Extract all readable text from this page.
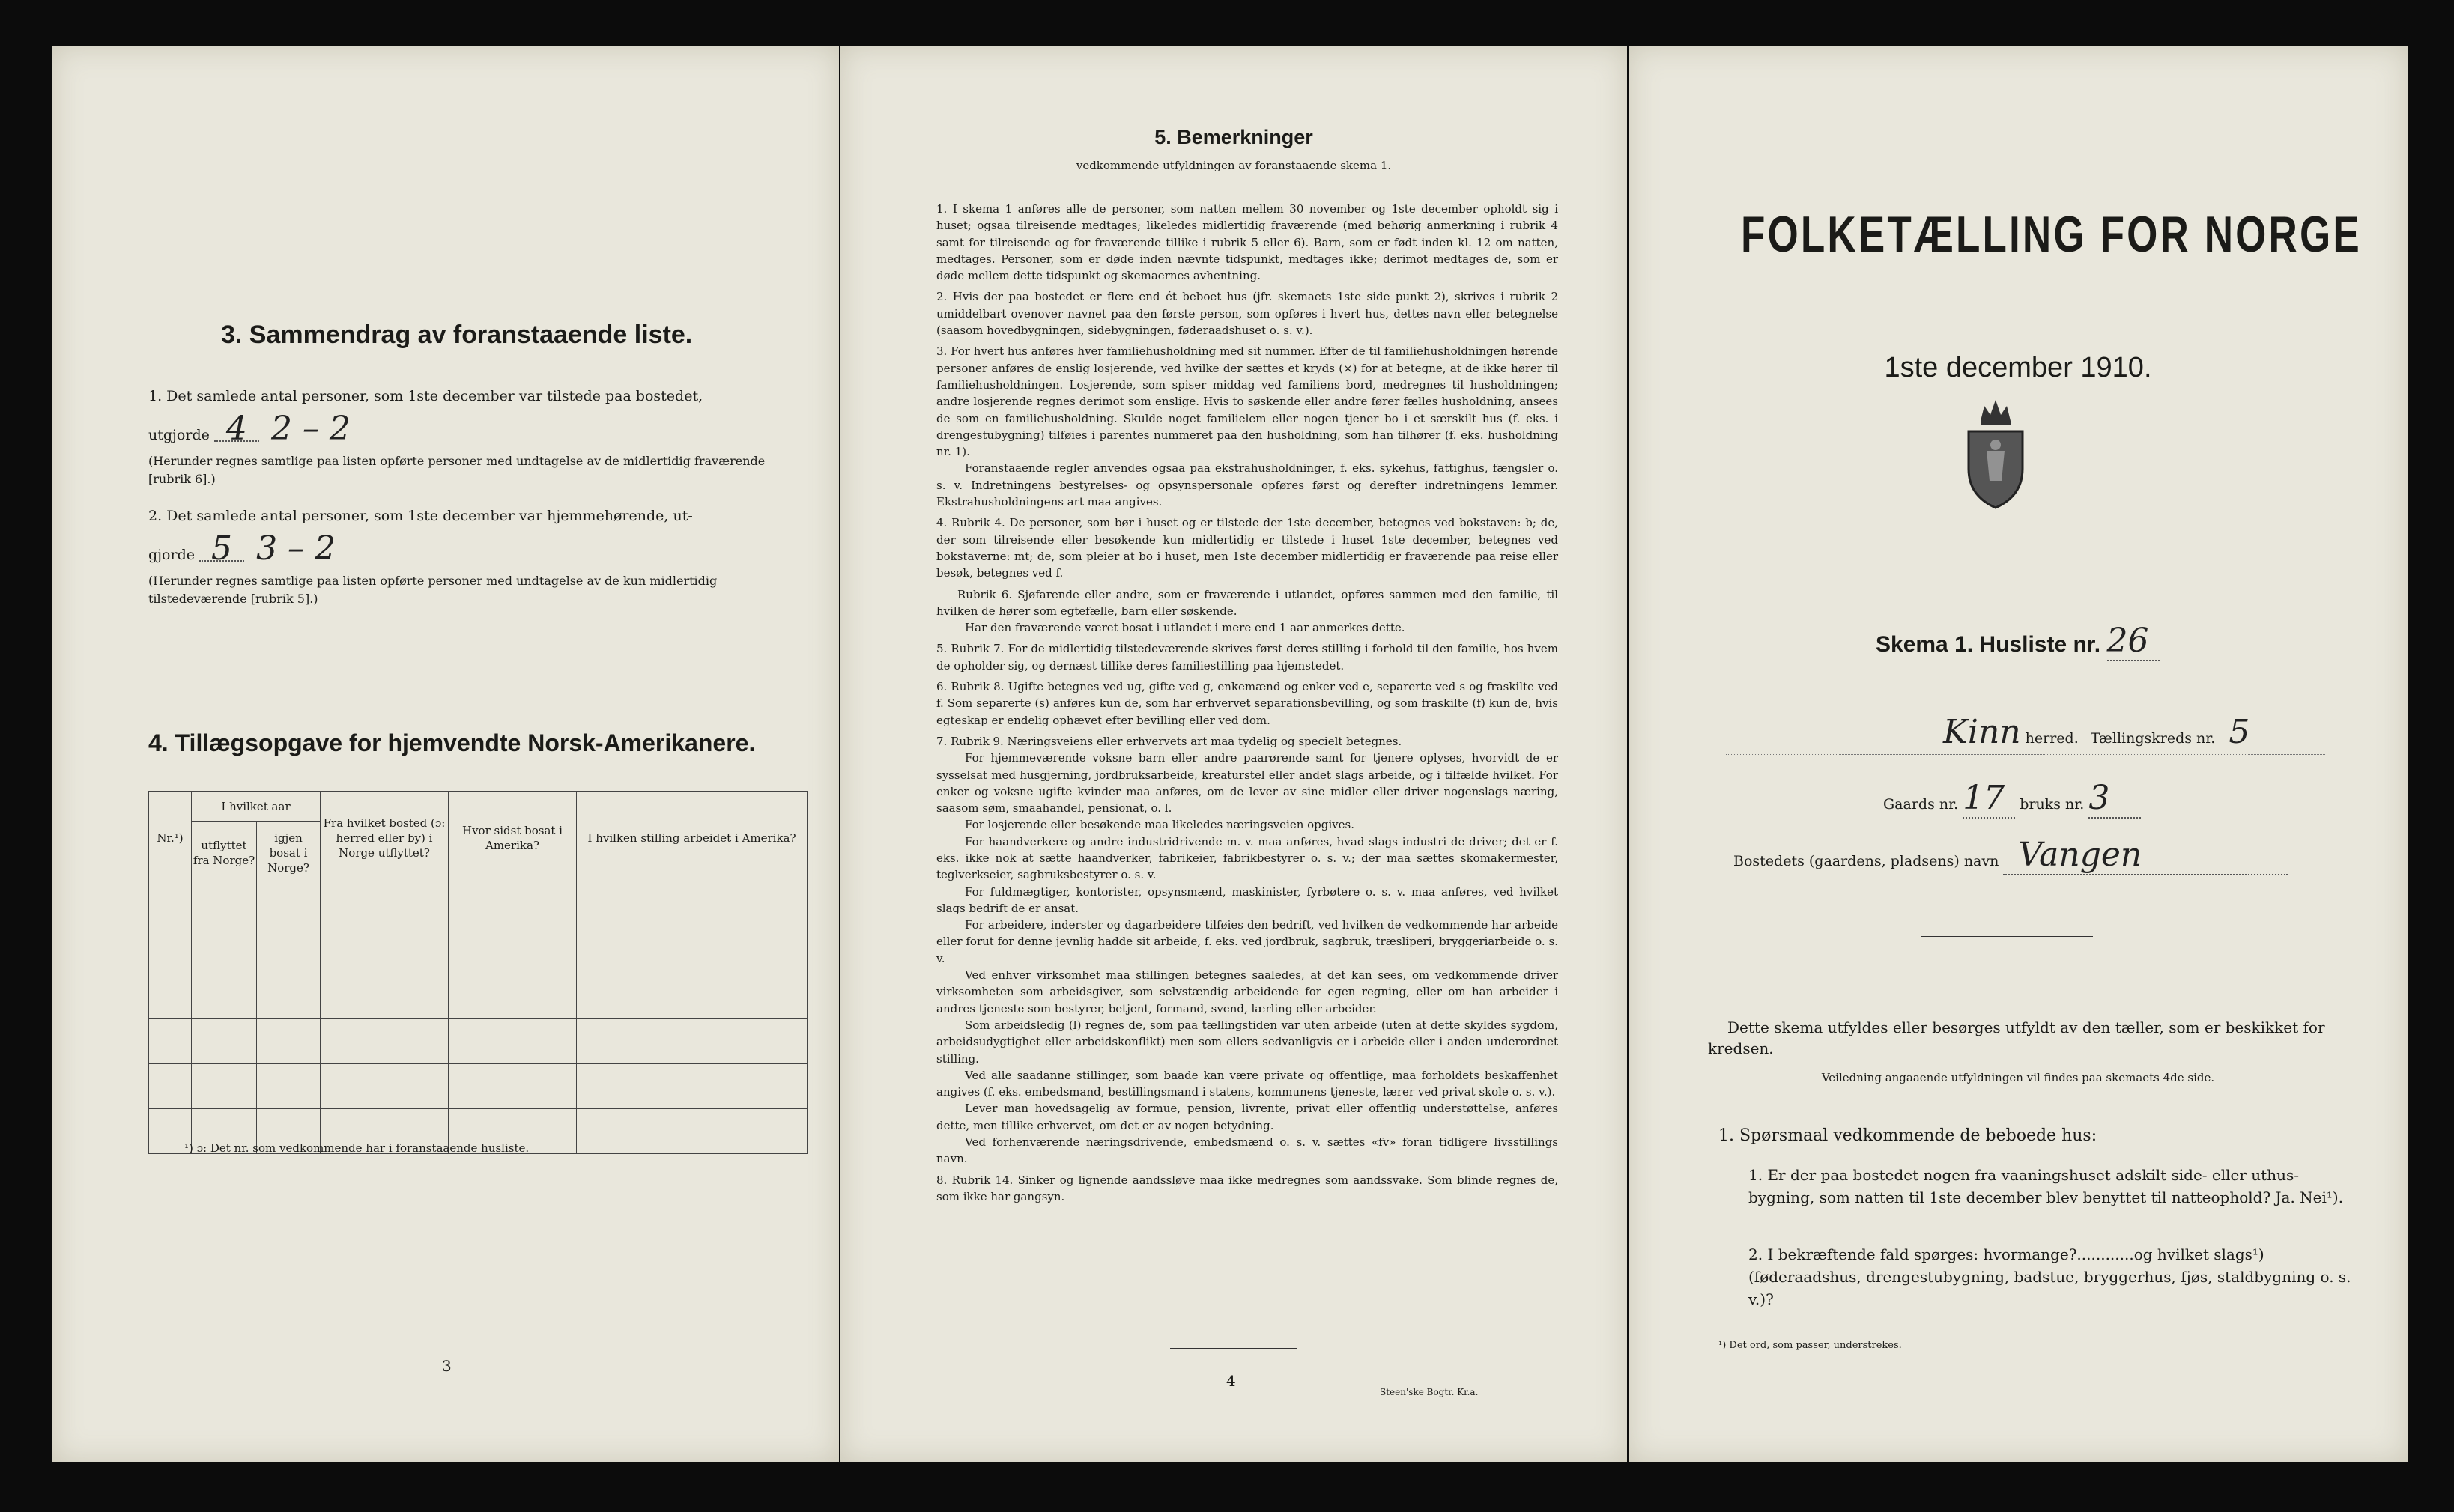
3. Sammendrag av foranstaaende liste.
1. Det samlede antal personer, som 1ste december var tilstede paa bostedet,
utgjorde 4 2 – 2
(Herunder regnes samtlige paa listen opførte personer med undtagelse av de midlertidig fraværende [rubrik 6].)
2. Det samlede antal personer, som 1ste december var hjemmehørende, ut-
gjorde 5 3 – 2
(Herunder regnes samtlige paa listen opførte personer med undtagelse av de kun midlertidig tilstedeværende [rubrik 5].)
4. Tillægsopgave for hjemvendte Norsk-Amerikanere.
Nr.¹)	I hvilket aar		Fra hvilket bosted (ɔ: herred eller by) i Norge utflyttet?	Hvor sidst bosat i Amerika?	I hvilken stilling arbeidet i Amerika?
	utflyttet fra Norge?	igjen bosat i Norge?			

¹) ɔ: Det nr. som vedkommende har i foranstaaende husliste.
3
5. Bemerkninger
vedkommende utfyldningen av foranstaaende skema 1.
1. I skema 1 anføres alle de personer, som natten mellem 30 november og 1ste december opholdt sig i huset; ogsaa tilreisende medtages; likeledes midlertidig fraværende (med behørig anmerkning i rubrik 4 samt for tilreisende og for fraværende tillike i rubrik 5 eller 6). Barn, som er født inden kl. 12 om natten, medtages. Personer, som er døde inden nævnte tidspunkt, medtages ikke; derimot medtages de, som er døde mellem dette tidspunkt og skemaernes avhentning.
2. Hvis der paa bostedet er flere end ét beboet hus (jfr. skemaets 1ste side punkt 2), skrives i rubrik 2 umiddelbart ovenover navnet paa den første person, som opføres i hvert hus, dettes navn eller betegnelse (saasom hovedbygningen, sidebygningen, føderaadshuset o. s. v.).
3. For hvert hus anføres hver familiehusholdning med sit nummer. Efter de til familiehusholdningen hørende personer anføres de enslig losjerende, ved hvilke der sættes et kryds (×) for at betegne, at de ikke hører til familiehusholdningen. Losjerende, som spiser middag ved familiens bord, medregnes til husholdningen; andre losjerende regnes derimot som enslige. Hvis to søskende eller andre fører fælles husholdning, ansees de som en familiehusholdning. Skulde noget familielem eller nogen tjener bo i et særskilt hus (f. eks. i drengestubygning) tilføies i parentes nummeret paa den husholdning, som han tilhører (f. eks. husholdning nr. 1).
Foranstaaende regler anvendes ogsaa paa ekstrahusholdninger, f. eks. sykehus, fattighus, fængsler o. s. v. Indretningens bestyrelses- og opsynspersonale opføres først og derefter indretningens lemmer. Ekstrahusholdningens art maa angives.
4. Rubrik 4. De personer, som bør i huset og er tilstede der 1ste december, betegnes ved bokstaven: b; de, der som tilreisende eller besøkende kun midlertidig er tilstede i huset 1ste december, betegnes ved bokstaverne: mt; de, som pleier at bo i huset, men 1ste december midlertidig er fraværende paa reise eller besøk, betegnes ved f.
Rubrik 6. Sjøfarende eller andre, som er fraværende i utlandet, opføres sammen med den familie, til hvilken de hører som egtefælle, barn eller søskende.
Har den fraværende været bosat i utlandet i mere end 1 aar anmerkes dette.
5. Rubrik 7. For de midlertidig tilstedeværende skrives først deres stilling i forhold til den familie, hos hvem de opholder sig, og dernæst tillike deres familiestilling paa hjemstedet.
6. Rubrik 8. Ugifte betegnes ved ug, gifte ved g, enkemænd og enker ved e, separerte ved s og fraskilte ved f. Som separerte (s) anføres kun de, som har erhvervet separationsbevilling, og som fraskilte (f) kun de, hvis egteskap er endelig ophævet efter bevilling eller ved dom.
7. Rubrik 9. Næringsveiens eller erhvervets art maa tydelig og specielt betegnes.
For hjemmeværende voksne barn eller andre paarørende samt for tjenere oplyses, hvorvidt de er sysselsat med husgjerning, jordbruksarbeide, kreaturstel eller andet slags arbeide, og i tilfælde hvilket. For enker og voksne ugifte kvinder maa anføres, om de lever av sine midler eller driver nogenslags næring, saasom søm, smaahandel, pensionat, o. l.
For losjerende eller besøkende maa likeledes næringsveien opgives.
For haandverkere og andre industridrivende m. v. maa anføres, hvad slags industri de driver; det er f. eks. ikke nok at sætte haandverker, fabrikeier, fabrikbestyrer o. s. v.; der maa sættes skomakermester, teglverkseier, sagbruksbestyrer o. s. v.
For fuldmægtiger, kontorister, opsynsmænd, maskinister, fyrbøtere o. s. v. maa anføres, ved hvilket slags bedrift de er ansat.
For arbeidere, inderster og dagarbeidere tilføies den bedrift, ved hvilken de vedkommende har arbeide eller forut for denne jevnlig hadde sit arbeide, f. eks. ved jordbruk, sagbruk, træsliperi, bryggeriarbeide o. s. v.
Ved enhver virksomhet maa stillingen betegnes saaledes, at det kan sees, om vedkommende driver virksomheten som arbeidsgiver, som selvstændig arbeidende for egen regning, eller om han arbeider i andres tjeneste som bestyrer, betjent, formand, svend, lærling eller arbeider.
Som arbeidsledig (l) regnes de, som paa tællingstiden var uten arbeide (uten at dette skyldes sygdom, arbeidsudygtighet eller arbeidskonflikt) men som ellers sedvanligvis er i arbeide eller i anden underordnet stilling.
Ved alle saadanne stillinger, som baade kan være private og offentlige, maa forholdets beskaffenhet angives (f. eks. embedsmand, bestillingsmand i statens, kommunens tjeneste, lærer ved privat skole o. s. v.).
Lever man hovedsagelig av formue, pension, livrente, privat eller offentlig understøttelse, anføres dette, men tillike erhvervet, om det er av nogen betydning.
Ved forhenværende næringsdrivende, embedsmænd o. s. v. sættes «fv» foran tidligere livsstillings navn.
8. Rubrik 14. Sinker og lignende aandssløve maa ikke medregnes som aandssvake. Som blinde regnes de, som ikke har gangsyn.
4
Steen'ske Bogtr. Kr.a.
FOLKETÆLLING FOR NORGE
1ste december 1910.
Skema 1. Husliste nr. 26
Kinn herred. Tællingskreds nr. 5
Gaards nr. 17 bruks nr. 3
Bostedets (gaardens, pladsens) navn Vangen
Dette skema utfyldes eller besørges utfyldt av den tæller, som er beskikket for kredsen.
Veiledning angaaende utfyldningen vil findes paa skemaets 4de side.
1. Spørsmaal vedkommende de beboede hus:
1. Er der paa bostedet nogen fra vaaningshuset adskilt side- eller uthus-bygning, som natten til 1ste december blev benyttet til natteophold? Ja. Nei¹).
2. I bekræftende fald spørges: hvormange?............og hvilket slags¹) (føderaadshus, drengestubygning, badstue, bryggerhus, fjøs, staldbygning o. s. v.)?
¹) Det ord, som passer, understrekes.
